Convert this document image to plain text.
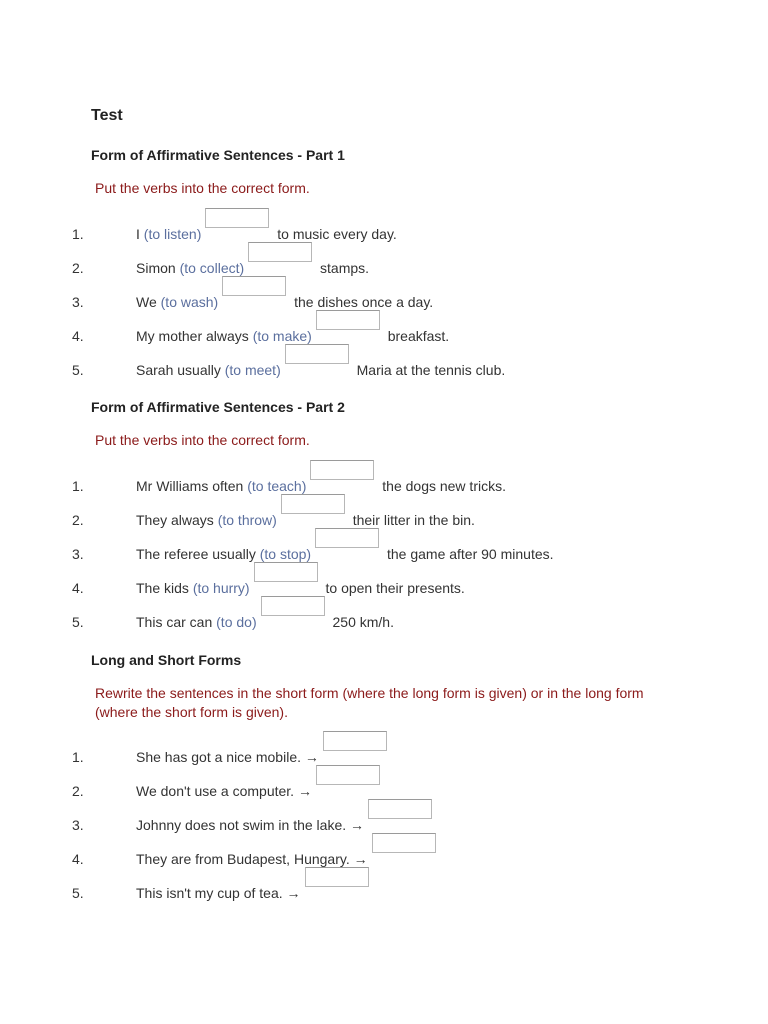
Test
Form of Affirmative Sentences - Part 1
Put the verbs into the correct form.
1.	I (to listen)	to music every day.
2.	Simon (to collect)	stamps.
3.	We (to wash)	the dishes once a day.
4.	My mother always (to make)	breakfast.
5.	Sarah usually (to meet)	Maria at the tennis club.
Form of Affirmative Sentences - Part 2
Put the verbs into the correct form.
1.	Mr Williams often (to teach)	the dogs new tricks.
2.	They always (to throw)	their litter in the bin.
3.	The referee usually (to stop)	the game after 90 minutes.
4.	The kids (to hurry)	to open their presents.
5.	This car can (to do)	250 km/h.
Long and Short Forms
Rewrite the sentences in the short form (where the long form is given) or in the long form (where the short form is given).
1.	She has got a nice mobile. →
2.	We don't use a computer. →
3.	Johnny does not swim in the lake. →
4.	They are from Budapest, Hungary. →
5.	This isn't my cup of tea. →
